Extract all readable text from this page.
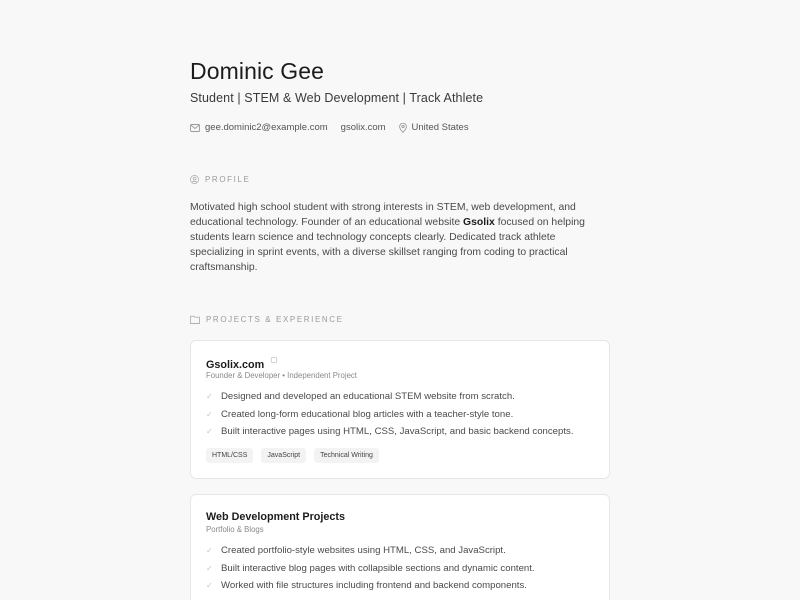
Dominic Gee
Student | STEM & Web Development | Track Athlete
gee.dominic2@example.com gsolix.com	United States
PROFILE

Motivated high school student with strong interests in STEM, web development, and educational technology. Founder of an educational website Gsolix focused on helping students learn science and technology concepts clearly. Dedicated track athlete specializing in sprint events, with a diverse skillset ranging from coding to practical craftsmanship.

PROJECTS & EXPERIENCE
Gsolix.com
Founder & Developer • Independent Project
✓ Designed and developed an educational STEM website from scratch.
✓ Created long-form educational blog articles with a teacher-style tone.
✓ Built interactive pages using HTML, CSS, JavaScript, and basic backend concepts.
HTML/CSS	JavaScript	Technical Writing
Web Development Projects
Portfolio & Blogs
✓ Created portfolio-style websites using HTML, CSS, and JavaScript.
✓ Built interactive blog pages with collapsible sections and dynamic content.
✓ Worked with file structures including frontend and backend components.
